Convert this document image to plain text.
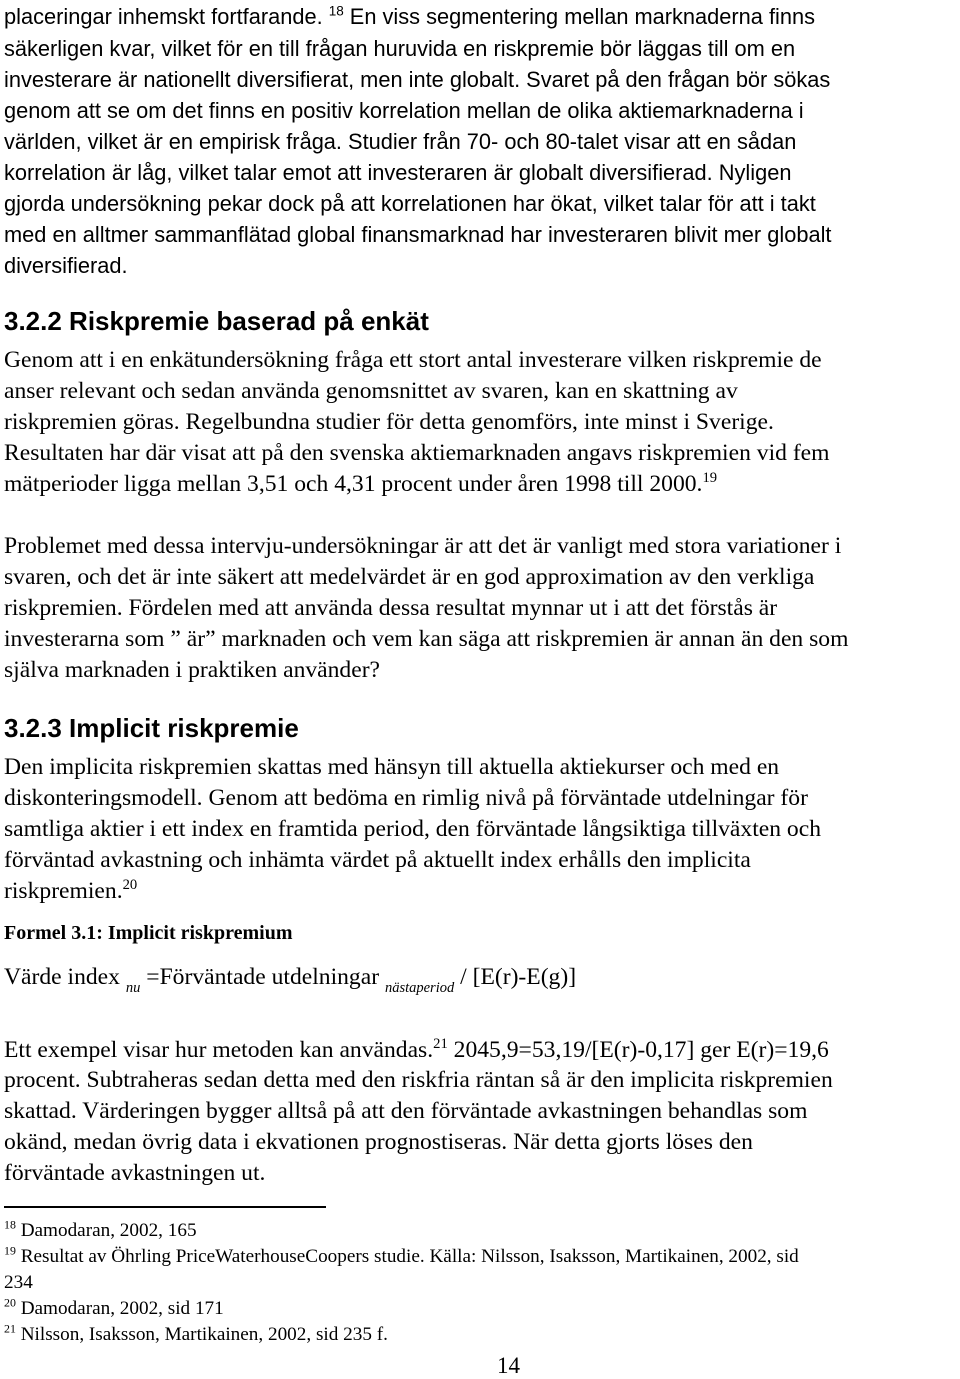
placeringar inhemskt fortfarande. $^{18}$ En viss segmentering mellan marknaderna finns
säkerligen kvar, vilket för en till frågan huruvida en riskpremie bör läggas till om en
investerare är nationellt diversifierat, men inte globalt. Svaret på den frågan bör sökas
genom att se om det finns en positiv korrelation mellan de olika aktiemarknaderna i
världen, vilket är en empirisk fråga. Studier från 70- och 80-talet visar att en sådan
korrelation är låg, vilket talar emot att investeraren är globalt diversifierad. Nyligen
gjorda undersökning pekar dock på att korrelationen har ökat, vilket talar för att i takt
med en alltmer sammanflätad global finansmarknad har investeraren blivit mer globalt
diversifierad.
3.2.2 Riskpremie baserad på enkät
Genom att i en enkätundersökning fråga ett stort antal investerare vilken riskpremie de
anser relevant och sedan använda genomsnittet av svaren, kan en skattning av
riskpremien göras. Regelbundna studier för detta genomförs, inte minst i Sverige.
Resultaten har där visat att på den svenska aktiemarknaden angavs riskpremien vid fem
mätperioder ligga mellan 3,51 och 4,31 procent under åren 1998 till 2000.19
Problemet med dessa intervju-undersökningar är att det är vanligt med stora variationer i
svaren, och det är inte säkert att medelvärdet är en god approximation av den verkliga
riskpremien. Fördelen med att använda dessa resultat mynnar ut i att det förstås är
investerarna som ” är” marknaden och vem kan säga att riskpremien är annan än den som
själva marknaden i praktiken använder?
3.2.3 Implicit riskpremie
Den implicita riskpremien skattas med hänsyn till aktuella aktiekurser och med en
diskonteringsmodell. Genom att bedöma en rimlig nivå på förväntade utdelningar för
samtliga aktier i ett index en framtida period, den förväntade långsiktiga tillväxten och
förväntad avkastning och inhämta värdet på aktuellt index erhålls den implicita
riskpremien.$^{20}$
Formel 3.1: Implicit riskpremium
Värde index $_{nu}$ =Förväntade utdelningar $_{nästaperiod}$ / [E(r)-E(g)]
Ett exempel visar hur metoden kan användas.$^{21}$ 2045,9=53,19/[E(r)-0,17] ger E(r)=19,6
procent. Subtraheras sedan detta med den riskfria räntan så är den implicita riskpremien
skattad. Värderingen bygger alltså på att den förväntade avkastningen behandlas som
okänd, medan övrig data i ekvationen prognostiseras. När detta gjorts löses den
förväntade avkastningen ut.
$^{18}$ Damodaran, 2002, 165
$^{19}$ Resultat av Öhrling PriceWaterhouseCoopers studie. Källa: Nilsson, Isaksson, Martikainen, 2002, sid
234
$^{20}$ Damodaran, 2002, sid 171
$^{21}$ Nilsson, Isaksson, Martikainen, 2002, sid 235 f.
14
